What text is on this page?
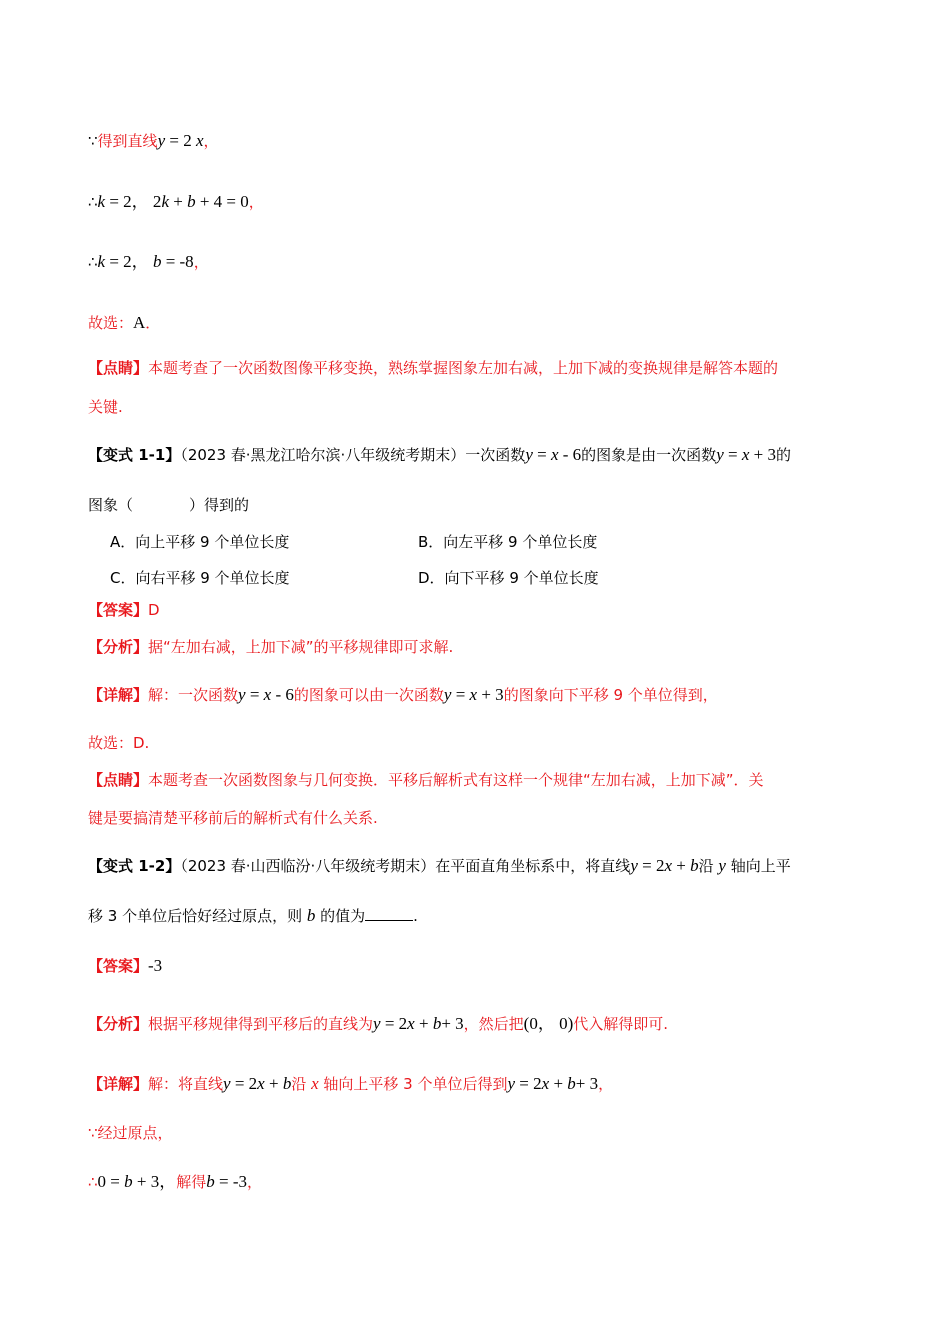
∵得到直线y = 2 x，
∴k = 2， 2k + b + 4 = 0，
∴k = 2， b = -8，
故选：A．
【点睛】本题考查了一次函数图像平移变换，熟练掌握图象左加右减，上加下减的变换规律是解答本题的
关键.
【变式 1-1】（2023 春·黑龙江哈尔滨·八年级统考期末）一次函数y = x - 6的图象是由一次函数y = x + 3的
图象（	）得到的
A．向上平移 9 个单位长度	B．向左平移 9 个单位长度
C．向右平移 9 个单位长度	D．向下平移 9 个单位长度
【答案】D
【分析】据“左加右减，上加下减”的平移规律即可求解.
【详解】解：一次函数y = x - 6的图象可以由一次函数y = x + 3的图象向下平移 9 个单位得到，
故选：D.
【点睛】本题考查一次函数图象与几何变换．平移后解析式有这样一个规律“左加右减，上加下减”．关
键是要搞清楚平移前后的解析式有什么关系.
【变式 1-2】（2023 春·山西临汾·八年级统考期末）在平面直角坐标系中，将直线y = 2x + b沿 y 轴向上平
移 3 个单位后恰好经过原点，则 b 的值为	.
【答案】-3
【分析】根据平移规律得到平移后的直线为y = 2x + b+ 3，然后把(0， 0)代入解得即可.
【详解】解：将直线y = 2x + b沿 x 轴向上平移 3 个单位后得到y = 2x + b+ 3，
∵经过原点，
∴0 = b + 3，解得b = -3，
